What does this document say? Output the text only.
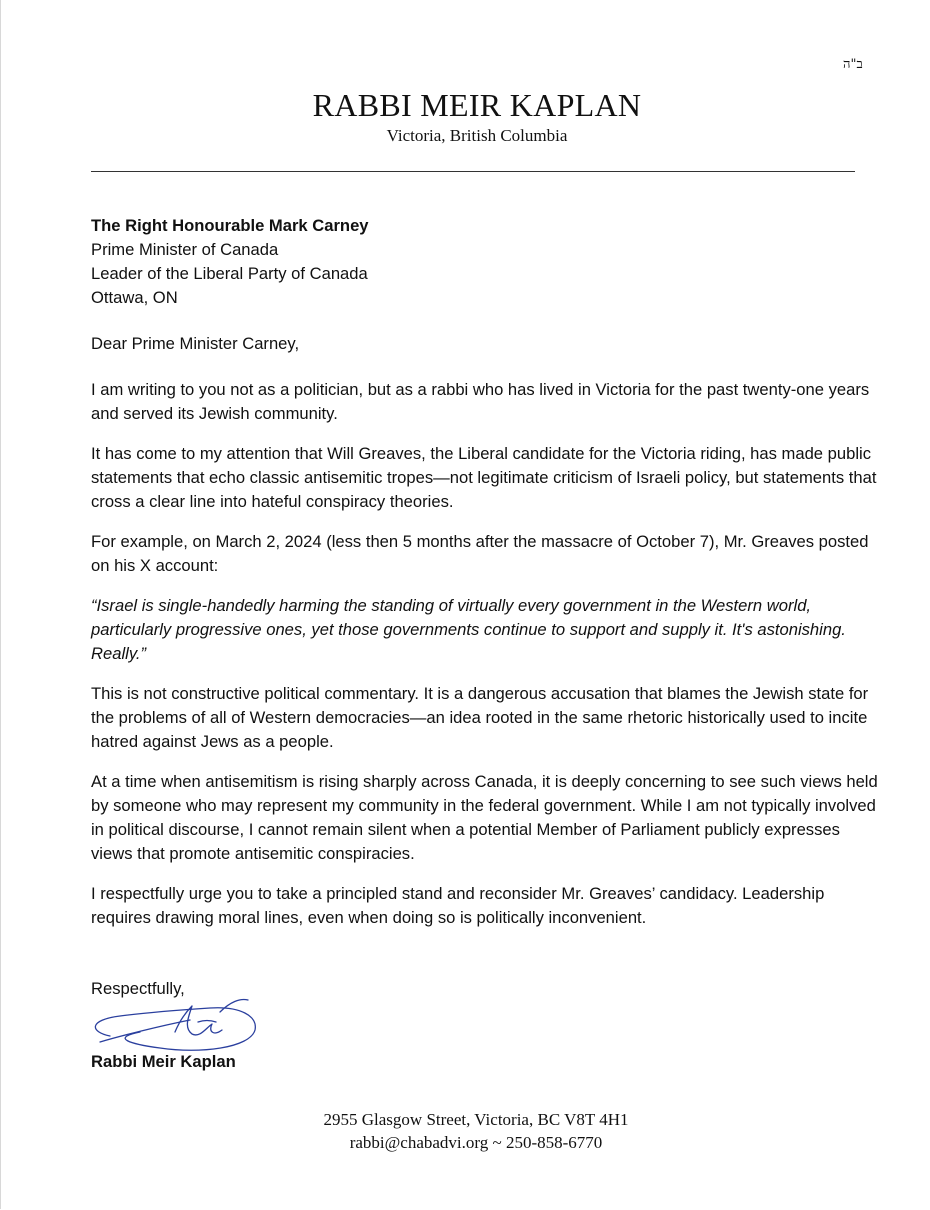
ב"ה
RABBI MEIR KAPLAN
Victoria, British Columbia
The Right Honourable Mark Carney
Prime Minister of Canada
Leader of the Liberal Party of Canada
Ottawa, ON
Dear Prime Minister Carney,

I am writing to you not as a politician, but as a rabbi who has lived in Victoria for the past twenty-one years and served its Jewish community.

It has come to my attention that Will Greaves, the Liberal candidate for the Victoria riding, has made public statements that echo classic antisemitic tropes—not legitimate criticism of Israeli policy, but statements that cross a clear line into hateful conspiracy theories.

For example, on March 2, 2024 (less then 5 months after the massacre of October 7), Mr. Greaves posted on his X account:

“Israel is single-handedly harming the standing of virtually every government in the Western world, particularly progressive ones, yet those governments continue to support and supply it. It's astonishing. Really.”

This is not constructive political commentary. It is a dangerous accusation that blames the Jewish state for the problems of all of Western democracies—an idea rooted in the same rhetoric historically used to incite hatred against Jews as a people.

At a time when antisemitism is rising sharply across Canada, it is deeply concerning to see such views held by someone who may represent my community in the federal government. While I am not typically involved in political discourse, I cannot remain silent when a potential Member of Parliament publicly expresses views that promote antisemitic conspiracies.

I respectfully urge you to take a principled stand and reconsider Mr. Greaves’ candidacy. Leadership requires drawing moral lines, even when doing so is politically inconvenient.

Respectfully,
Rabbi Meir Kaplan
2955 Glasgow Street, Victoria, BC V8T 4H1
rabbi@chabadvi.org ~ 250-858-6770
